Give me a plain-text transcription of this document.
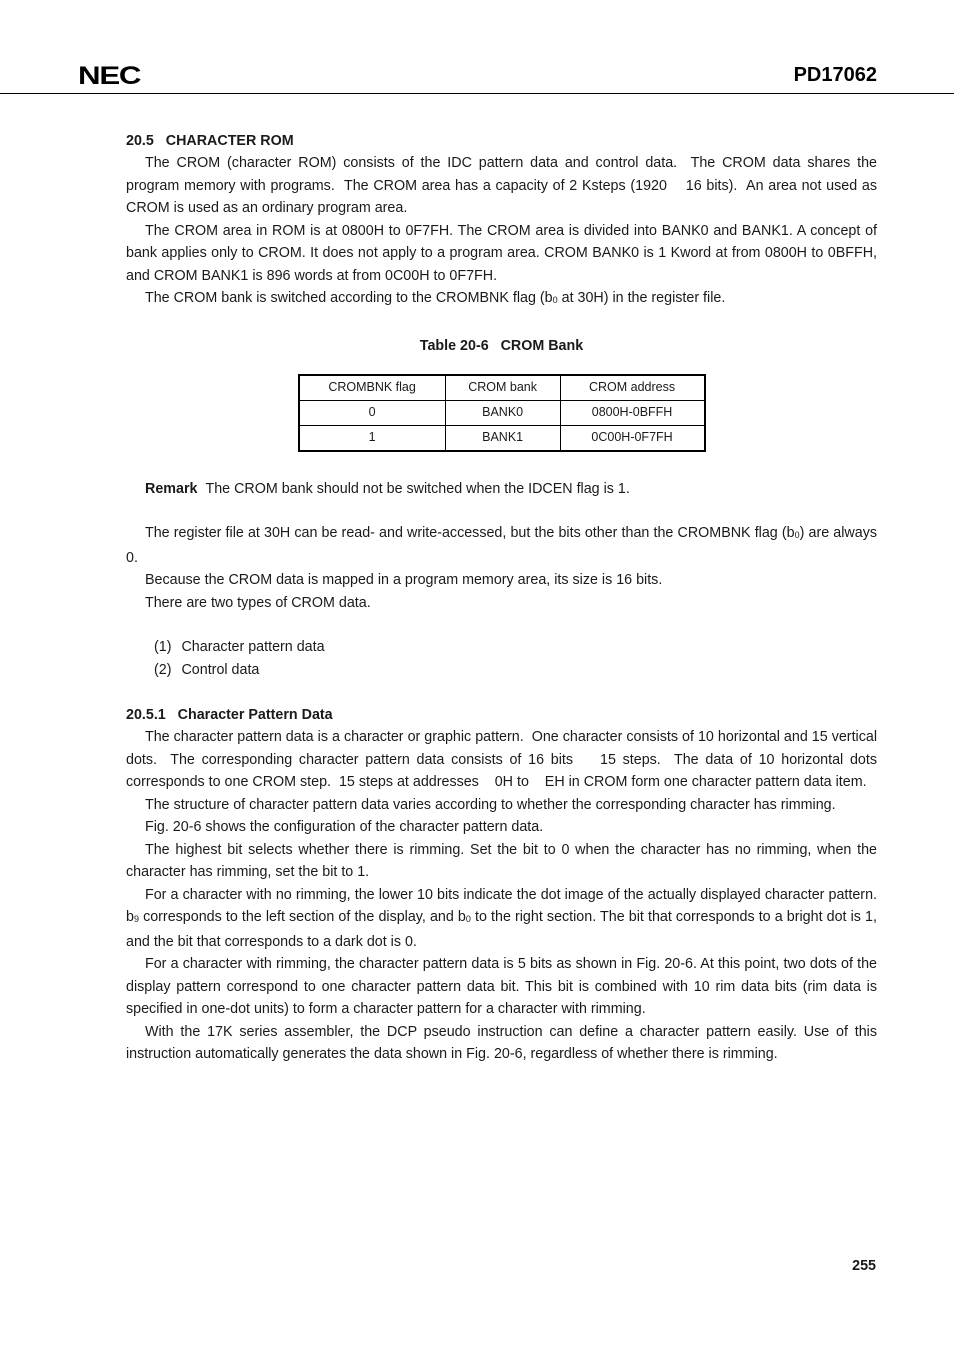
NEC	PD17062
20.5   CHARACTER ROM

The CROM (character ROM) consists of the IDC pattern data and control data.  The CROM data shares the program memory with programs.  The CROM area has a capacity of 2 Ksteps (1920    16 bits).  An area not used as CROM is used as an ordinary program area.

The CROM area in ROM is at 0800H to 0F7FH. The CROM area is divided into BANK0 and BANK1. A concept of bank applies only to CROM. It does not apply to a program area. CROM BANK0 is 1 Kword at from 0800H to 0BFFH, and CROM BANK1 is 896 words at from 0C00H to 0F7FH.

The CROM bank is switched according to the CROMBNK flag ($b_0$ at 30H) in the register file.

Table 20-6   CROM Bank
CROMBNK flag	CROM bank	CROM address
0	BANK0	0800H-0BFFH
1	BANK1	0C00H-0F7FH
Remark The CROM bank should not be switched when the IDCEN flag is 1.

The register file at 30H can be read- and write-accessed, but the bits other than the CROMBNK flag $(b_0)$ are always 0.

Because the CROM data is mapped in a program memory area, its size is 16 bits.

There are two types of CROM data.

(1) Character pattern data
(2) Control data
20.5.1   Character Pattern Data

The character pattern data is a character or graphic pattern.  One character consists of 10 horizontal and 15 vertical dots.  The corresponding character pattern data consists of 16 bits    15 steps.  The data of 10 horizontal dots corresponds to one CROM step.  15 steps at addresses    0H to    EH in CROM form one character pattern data item.

The structure of character pattern data varies according to whether the corresponding character has rimming.

Fig. 20-6 shows the configuration of the character pattern data.

The highest bit selects whether there is rimming. Set the bit to 0 when the character has no rimming, when the character has rimming, set the bit to 1.

For a character with no rimming, the lower 10 bits indicate the dot image of the actually displayed character pattern. $b_9$ corresponds to the left section of the display, and $b_0$ to the right section. The bit that corresponds to a bright dot is 1, and the bit that corresponds to a dark dot is 0.

For a character with rimming, the character pattern data is 5 bits as shown in Fig. 20-6. At this point, two dots of the display pattern correspond to one character pattern data bit. This bit is combined with 10 rim data bits (rim data is specified in one-dot units) to form a character pattern for a character with rimming.

With the 17K series assembler, the DCP pseudo instruction can define a character pattern easily. Use of this instruction automatically generates the data shown in Fig. 20-6, regardless of whether there is rimming.

255
